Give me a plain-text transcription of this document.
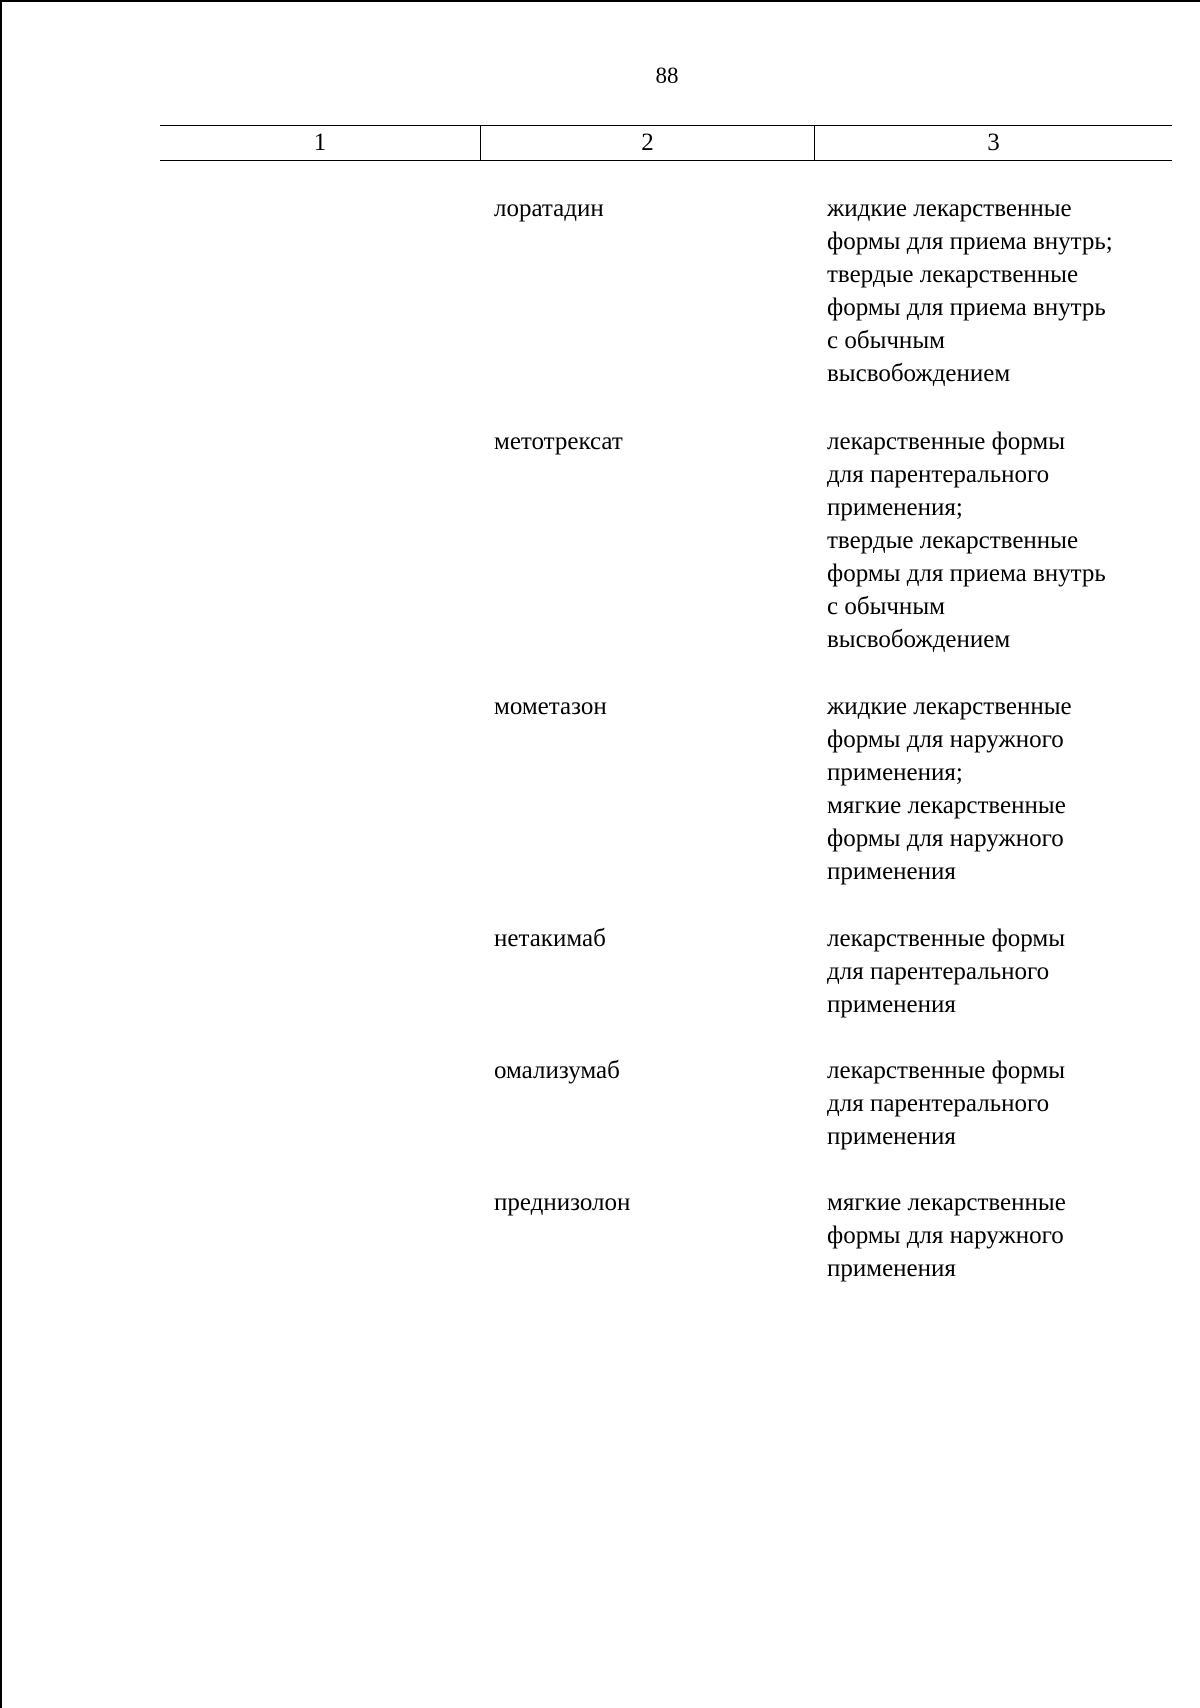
88
1	2	3
лоратадин	жидкие лекарственные
формы для приема внутрь;
твердые лекарственные
формы для приема внутрь
с обычным
высвобождением
метотрексат	лекарственные формы
для парентерального
применения;
твердые лекарственные
формы для приема внутрь
с обычным
высвобождением
мометазон	жидкие лекарственные
формы для наружного
применения;
мягкие лекарственные
формы для наружного
применения
нетакимаб	лекарственные формы
для парентерального
применения
омализумаб	лекарственные формы
для парентерального
применения
преднизолон	мягкие лекарственные
формы для наружного
применения
